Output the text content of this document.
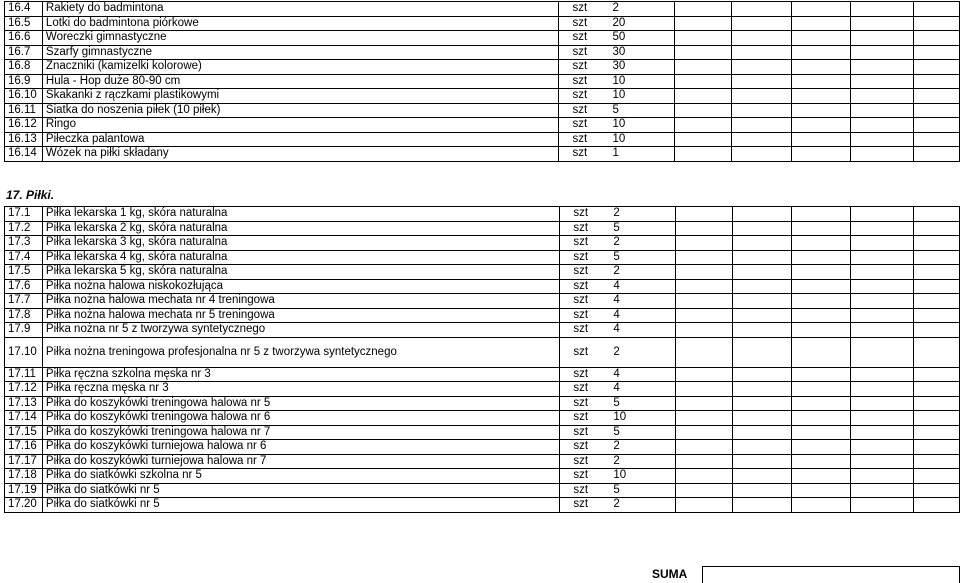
16.4	Rakiety do badmintona	szt	2					
16.5	Lotki do badmintona piórkowe	szt	20					
16.6	Woreczki gimnastyczne	szt	50					
16.7	Szarfy gimnastyczne	szt	30					
16.8	Znaczniki (kamizelki kolorowe)	szt	30					
16.9	Hula - Hop duże 80-90 cm	szt	10					
16.10	Skakanki z rączkami plastikowymi	szt	10					
16.11	Siatka do noszenia piłek (10 piłek)	szt	5					
16.12	Ringo	szt	10					
16.13	Piłeczka palantowa	szt	10					
16.14	Wózek na piłki składany	szt	1					
17. Piłki.
17.1	Piłka lekarska 1 kg, skóra naturalna	szt	2					
17.2	Piłka lekarska 2 kg, skóra naturalna	szt	5					
17.3	Piłka lekarska 3 kg, skóra naturalna	szt	2					
17.4	Piłka lekarska 4 kg, skóra naturalna	szt	5					
17.5	Piłka lekarska 5 kg, skóra naturalna	szt	2					
17.6	Piłka nożna halowa niskokozłująca	szt	4					
17.7	Piłka nożna halowa mechata nr 4 treningowa	szt	4					
17.8	Piłka nożna halowa mechata nr 5 treningowa	szt	4					
17.9	Piłka nożna nr 5 z tworzywa syntetycznego	szt	4					
17.10	Piłka nożna treningowa profesjonalna nr 5 z tworzywa syntetycznego	szt	2					
17.11	Piłka ręczna szkolna męska nr 3	szt	4					
17.12	Piłka ręczna męska nr 3	szt	4					
17.13	Piłka do koszykówki treningowa halowa nr 5	szt	5					
17.14	Piłka do koszykówki treningowa halowa nr 6	szt	10					
17.15	Piłka do koszykówki treningowa halowa nr 7	szt	5					
17.16	Piłka do koszykówki turniejowa halowa nr 6	szt	2					
17.17	Piłka do koszykówki turniejowa halowa nr 7	szt	2					
17.18	Piłka do siatkówki szkolna nr 5	szt	10					
17.19	Piłka do siatkówki nr 5	szt	5					
17.20	Piłka do siatkówki nr 5	szt	2					
SUMA
